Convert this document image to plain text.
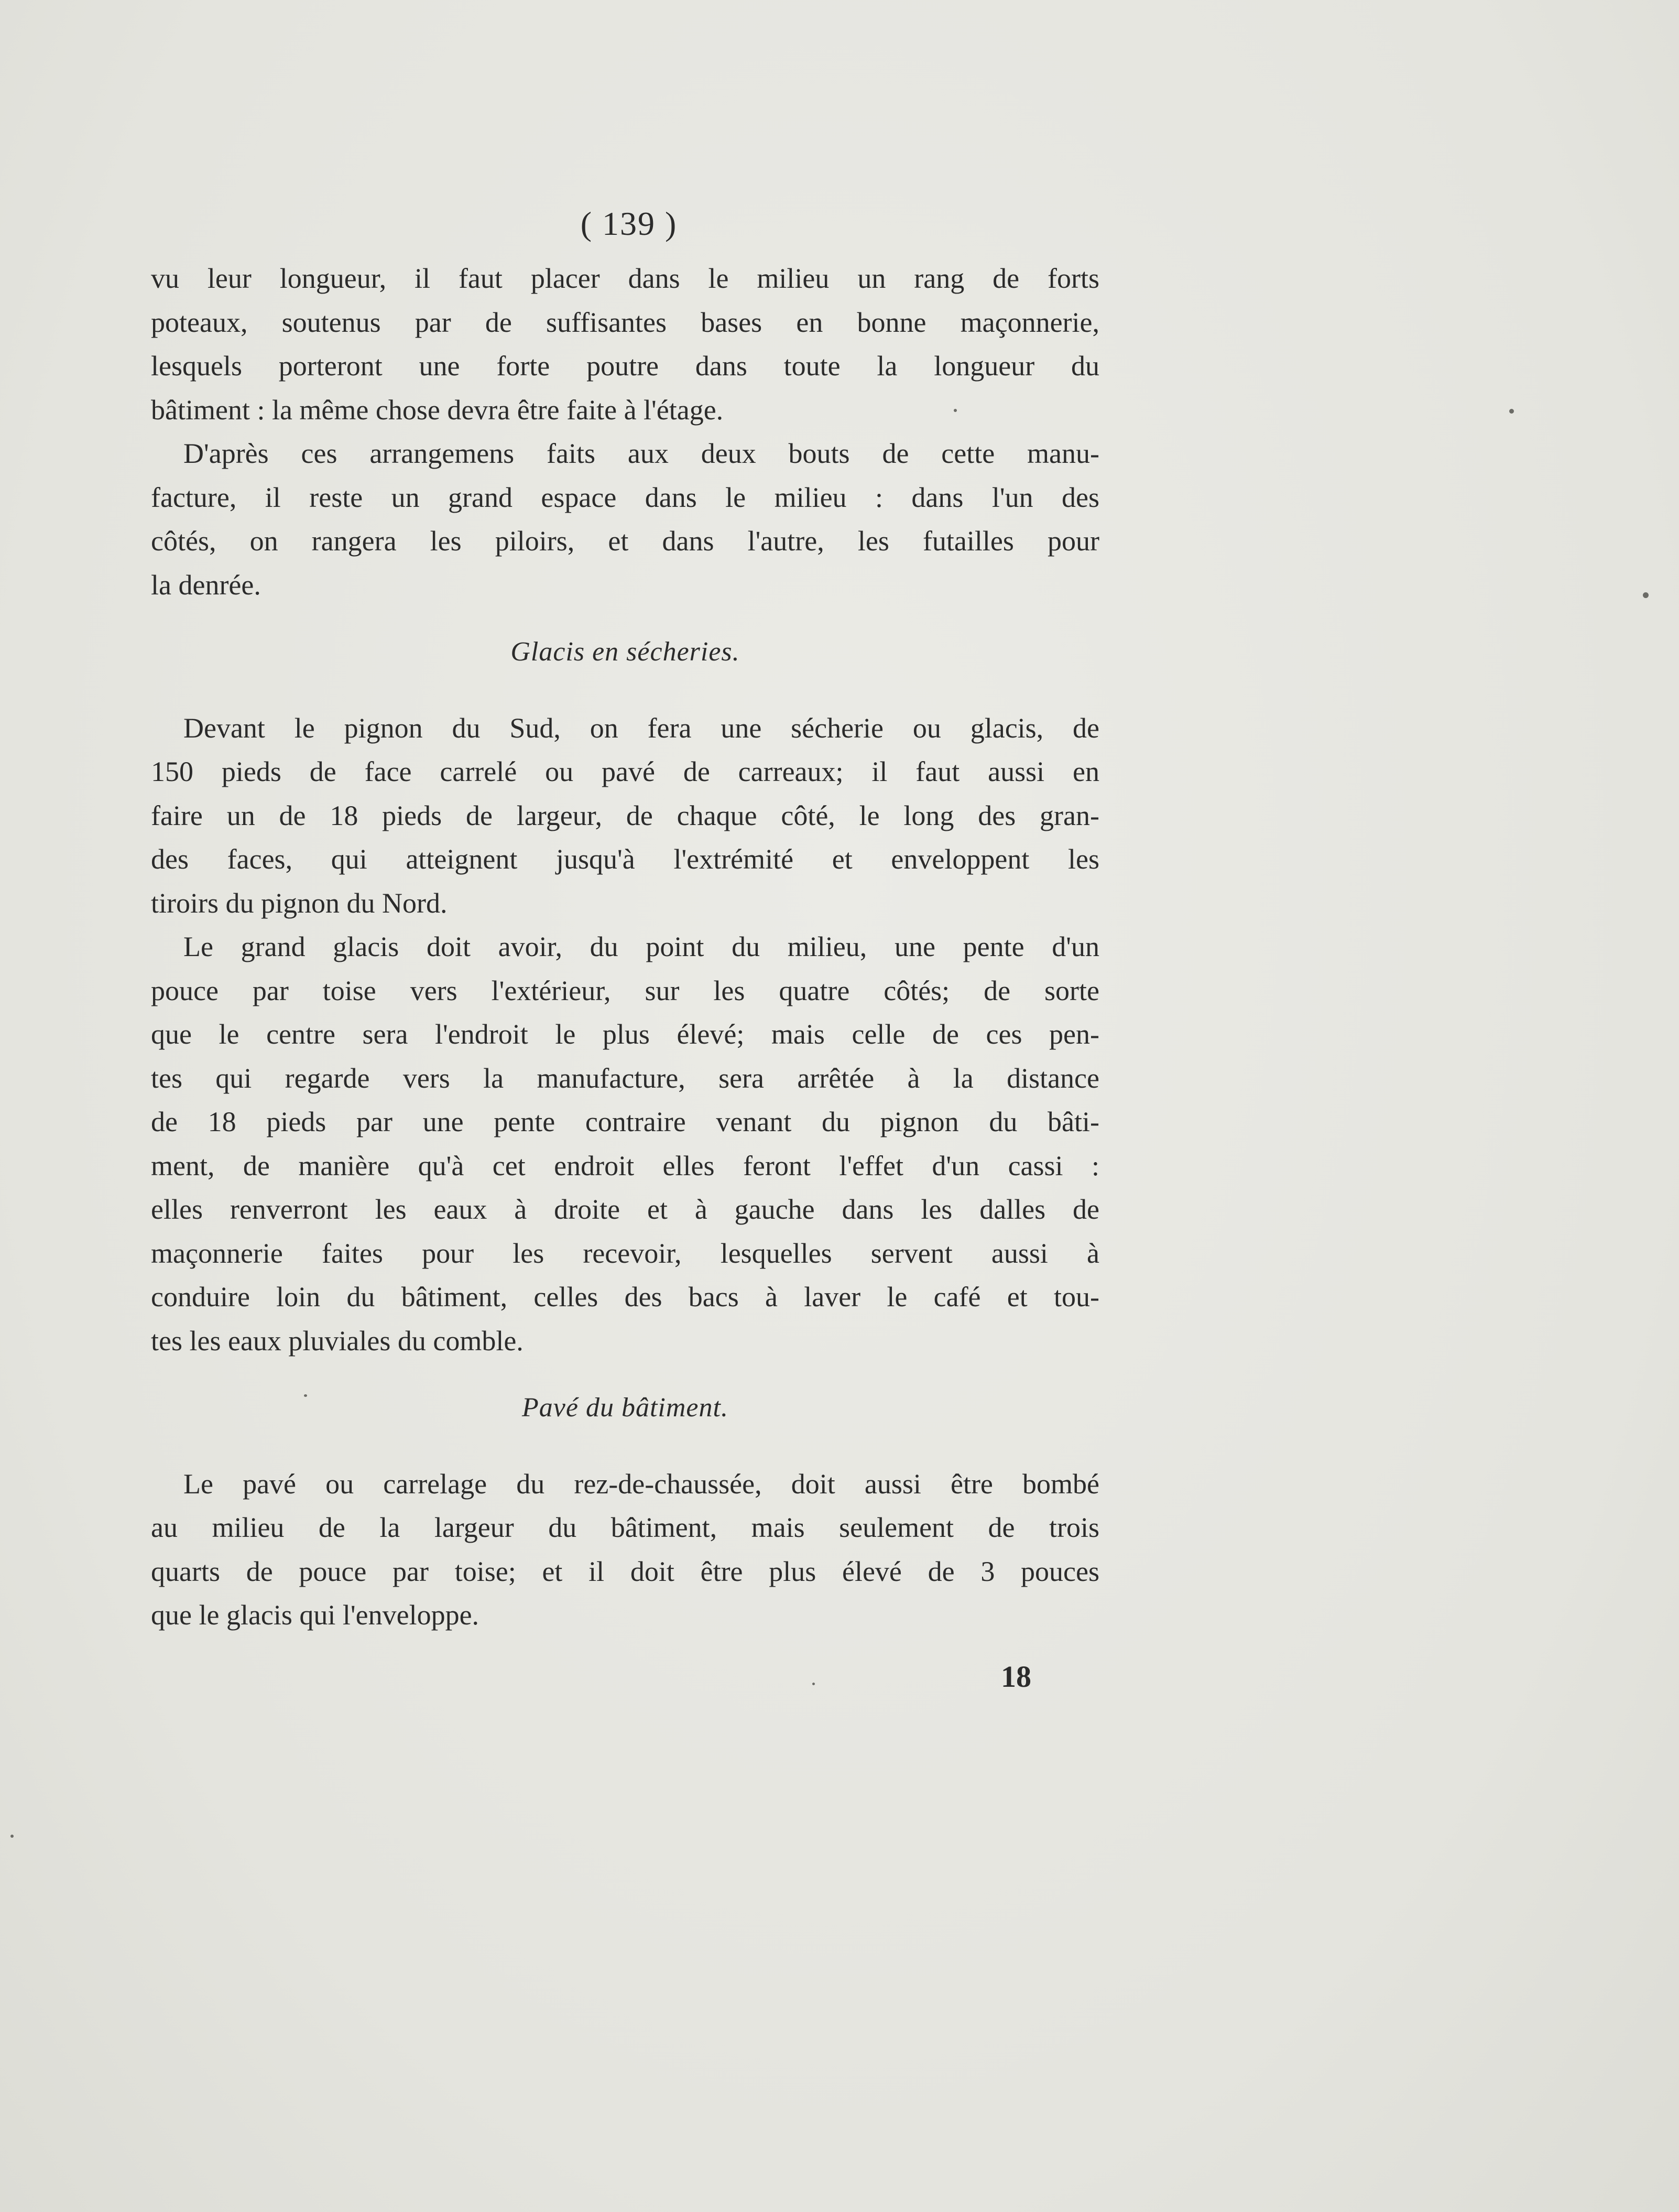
( 139 )
vu leur longueur, il faut placer dans le milieu un rang de forts
poteaux, soutenus par de suffisantes bases en bonne maçonnerie,
lesquels porteront une forte poutre dans toute la longueur du
bâtiment : la même chose devra être faite à l'étage.
D'après ces arrangemens faits aux deux bouts de cette manu-
facture, il reste un grand espace dans le milieu : dans l'un des
côtés, on rangera les piloirs, et dans l'autre, les futailles pour
la denrée.
Glacis en sécheries.
Devant le pignon du Sud, on fera une sécherie ou glacis, de
150 pieds de face carrelé ou pavé de carreaux; il faut aussi en
faire un de 18 pieds de largeur, de chaque côté, le long des gran-
des faces, qui atteignent jusqu'à l'extrémité et enveloppent les
tiroirs du pignon du Nord.
Le grand glacis doit avoir, du point du milieu, une pente d'un
pouce par toise vers l'extérieur, sur les quatre côtés; de sorte
que le centre sera l'endroit le plus élevé; mais celle de ces pen-
tes qui regarde vers la manufacture, sera arrêtée à la distance
de 18 pieds par une pente contraire venant du pignon du bâti-
ment, de manière qu'à cet endroit elles feront l'effet d'un cassi :
elles renverront les eaux à droite et à gauche dans les dalles de
maçonnerie faites pour les recevoir, lesquelles servent aussi à
conduire loin du bâtiment, celles des bacs à laver le café et tou-
tes les eaux pluviales du comble.
Pavé du bâtiment.
Le pavé ou carrelage du rez-de-chaussée, doit aussi être bombé
au milieu de la largeur du bâtiment, mais seulement de trois
quarts de pouce par toise; et il doit être plus élevé de 3 pouces
que le glacis qui l'enveloppe.
18
